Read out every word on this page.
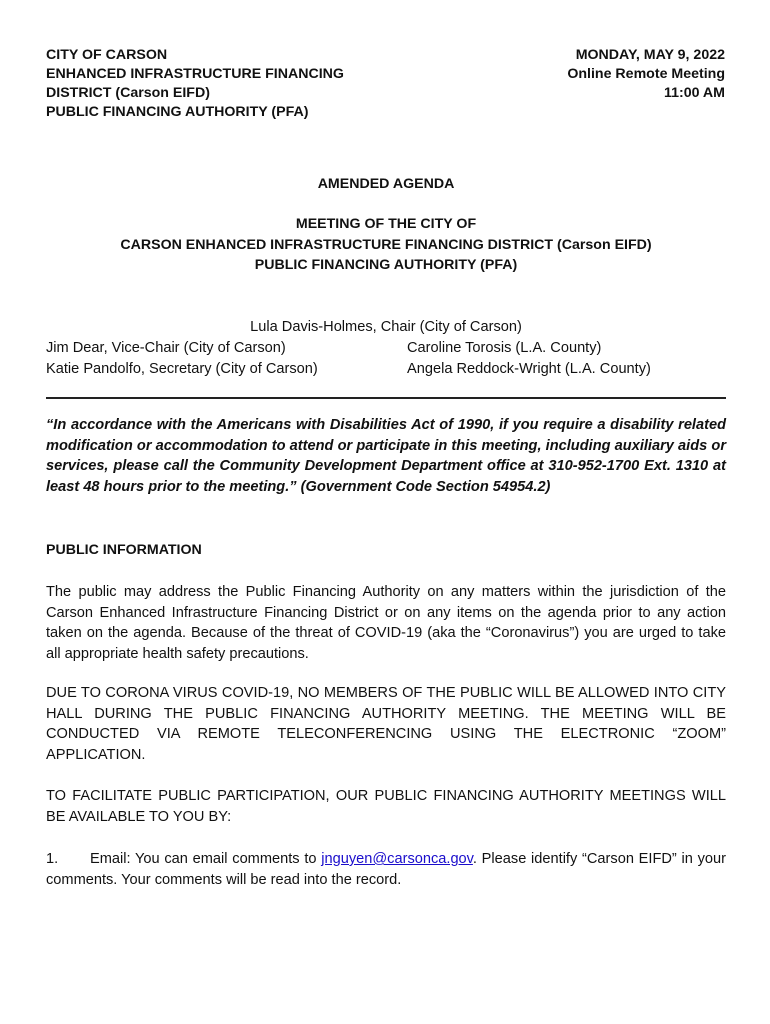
CITY OF CARSON
ENHANCED INFRASTRUCTURE FINANCING
DISTRICT (Carson EIFD)
PUBLIC FINANCING AUTHORITY (PFA)
MONDAY, MAY 9, 2022
Online Remote Meeting
11:00 AM
AMENDED AGENDA
MEETING OF THE CITY OF
CARSON ENHANCED INFRASTRUCTURE FINANCING DISTRICT (Carson EIFD)
PUBLIC FINANCING AUTHORITY (PFA)
Lula Davis-Holmes, Chair (City of Carson)
Jim Dear, Vice-Chair (City of Carson)	Caroline Torosis (L.A. County)
Katie Pandolfo, Secretary (City of Carson)	Angela Reddock-Wright (L.A. County)
“In accordance with the Americans with Disabilities Act of 1990, if you require a disability related modification or accommodation to attend or participate in this meeting, including auxiliary aids or services, please call the Community Development Department office at 310-952-1700 Ext. 1310 at least 48 hours prior to the meeting.” (Government Code Section 54954.2)
PUBLIC INFORMATION
The public may address the Public Financing Authority on any matters within the jurisdiction of the Carson Enhanced Infrastructure Financing District or on any items on the agenda prior to any action taken on the agenda. Because of the threat of COVID-19 (aka the “Coronavirus”) you are urged to take all appropriate health safety precautions.
DUE TO CORONA VIRUS COVID-19, NO MEMBERS OF THE PUBLIC WILL BE ALLOWED INTO CITY HALL DURING THE PUBLIC FINANCING AUTHORITY MEETING. THE MEETING WILL BE CONDUCTED VIA REMOTE TELECONFERENCING USING THE ELECTRONIC “ZOOM” APPLICATION.
TO FACILITATE PUBLIC PARTICIPATION, OUR PUBLIC FINANCING AUTHORITY MEETINGS WILL BE AVAILABLE TO YOU BY:
1. Email: You can email comments to jnguyen@carsonca.gov. Please identify “Carson EIFD” in your comments. Your comments will be read into the record.
